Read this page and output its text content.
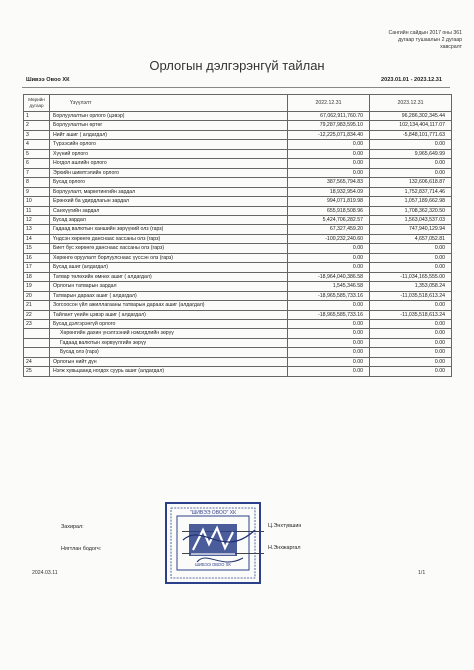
Сангийн сайдын 2017 оны 361
дугаар тушаалын 2 дугаар
хавсралт
Орлогын дэлгэрэнгүй тайлан
Шивээ Овоо ХК	2023.01.01 - 2023.12.31
Мөрийн дугаар	Үзүүлэлт	2022.12.31	2023.12.31
1	Борлуулалтын орлого (цэвэр)	67,062,911,760.70	96,286,302,345.44
2	Борлуулалтын өртөг	79,287,983,595.10	102,134,404,117.07
3	Нийт ашиг ( алдагдал)	-12,225,071,834.40	-5,848,101,771.63
4	Түрээсийн орлого	0.00	0.00
5	Хүүний орлого	0.00	9,965,649.99
6	Ногдол ашгийн орлого	0.00	0.00
7	Эрхийн шимтгэлийн орлого	0.00	0.00
8	Бусад орлого	387,565,794.83	132,606,618.87
9	Борлуулалт, маркетингийн зардал	18,932,954.09	1,752,837,714.46
10	Ерөнхий ба удирдлагын зардал	994,071,819.98	1,057,189,662.98
11	Санхүүгийн зардал	655,918,508.96	1,708,362,320.50
12	Бусад зардал	5,424,706,282.57	1,563,043,537.03
13	Гадаад валютын ханшийн зөрүүний олз (гарз)	67,327,459.20	747,940,129.94
14	Үндсэн хөрөнгө данснаас хассаны олз (гарз)	-100,232,240.60	4,657,052.81
15	Биет бус хөрөнгө данснаас хассаны олз (гарз)	0.00	0.00
16	Хөрөнгө оруулалт борлуулснаас үүссэн олз (гарз)	0.00	0.00
17	Бусад ашиг (алдагдал)	0.00	0.00
18	Татвар төлөхийн өмнөх ашиг ( алдагдал)	-18,964,040,386.58	-11,034,165,555.00
19	Орлогын татварын зардал	1,545,346.58	1,353,058.24
20	Татварын дараах ашиг ( алдагдал)	-18,965,585,733.16	-11,035,518,613.24
21	Зогсоосон үйл ажиллагааны татварын дараах ашиг (алдагдал)	0.00	0.00
22	Тайлант үеийн цэвэр ашиг ( алдагдал)	-18,965,585,733.16	-11,035,518,613.24
23	Бусад дэлгэрэнгүй орлого	0.00	0.00
	Хөрөнгийн дахин үнэлгээний нэмэгдлийн зөрүү	0.00	0.00
	Гадаад валютын хөрвүүлгийн зөрүү	0.00	0.00
	Бусад олз (гарз)	0.00	0.00
24	Орлогын нийт дүн	0.00	0.00
25	Нэгж хувьцаанд ногдох суурь ашиг (алдагдал)	0.00	0.00
Захирал:	Ц.Энхтүвшин
Нягтлан бодогч:	Н.Энхжаргал
"ШИВЭЭ ОВОО" ХК
ШИВЭЭ ОВОО ХК
2024.03.11	1/1
